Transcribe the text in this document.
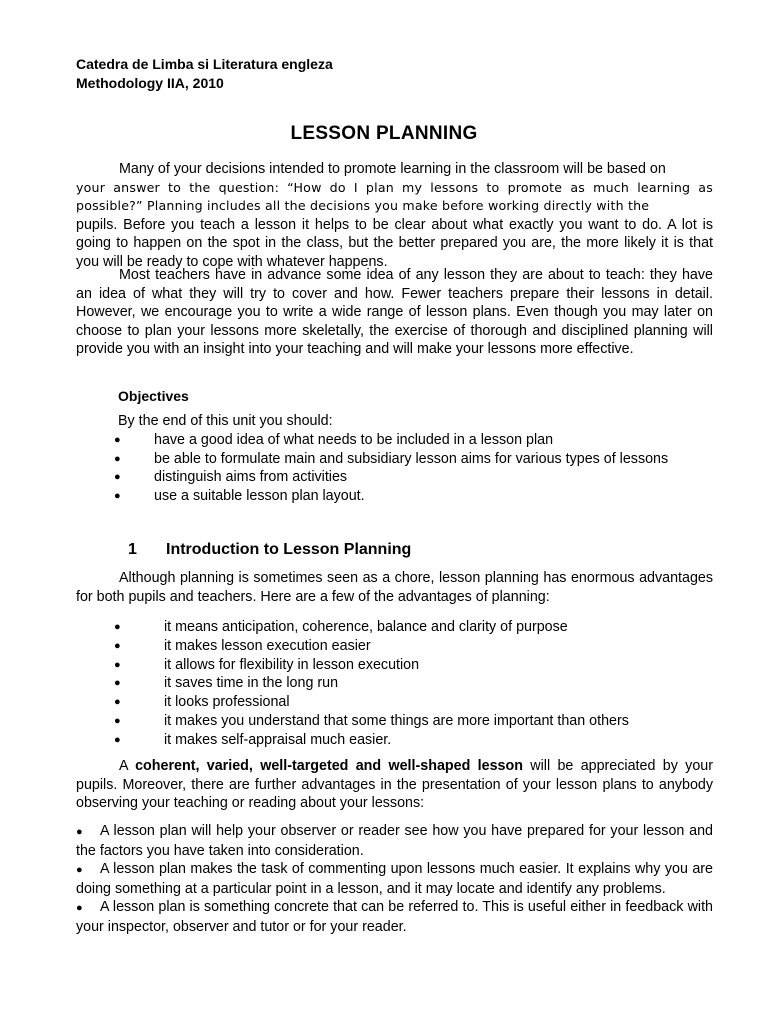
Catedra de Limba si Literatura engleza
Methodology IIA, 2010
LESSON PLANNING

Many of your decisions intended to promote learning in the classroom will be based on

your answer to the question: “How do I plan my lessons to promote as much learning as possible?” Planning includes all the decisions you make before working directly with the

pupils. Before you teach a lesson it helps to be clear about what exactly you want to do. A lot is going to happen on the spot in the class, but the better prepared you are, the more likely it is that you will be ready to cope with whatever happens.

Most teachers have in advance some idea of any lesson they are about to teach: they have an idea of what they will try to cover and how. Fewer teachers prepare their lessons in detail. However, we encourage you to write a wide range of lesson plans. Even though you may later on choose to plan your lessons more skeletally, the exercise of thorough and disciplined planning will provide you with an insight into your teaching and will make your lessons more effective.

Objectives
By the end of this unit you should:
● have a good idea of what needs to be included in a lesson plan
● be able to formulate main and subsidiary lesson aims for various types of lessons
● distinguish aims from activities
● use a suitable lesson plan layout.
1 Introduction to Lesson Planning

Although planning is sometimes seen as a chore, lesson planning has enormous advantages for both pupils and teachers. Here are a few of the advantages of planning:

●	it means anticipation, coherence, balance and clarity of purpose
●	it makes lesson execution easier
●	it allows for flexibility in lesson execution
●	it saves time in the long run
●	it looks professional
●	it makes you understand that some things are more important than others
●	it makes self-appraisal much easier.

A coherent, varied, well-targeted and well-shaped lesson will be appreciated by your pupils. Moreover, there are further advantages in the presentation of your lesson plans to anybody observing your teaching or reading about your lessons:

● A lesson plan will help your observer or reader see how you have prepared for your lesson and the factors you have taken into consideration.
● A lesson plan makes the task of commenting upon lessons much easier. It explains why you are doing something at a particular point in a lesson, and it may locate and identify any problems.
● A lesson plan is something concrete that can be referred to. This is useful either in feedback with your inspector, observer and tutor or for your reader.
